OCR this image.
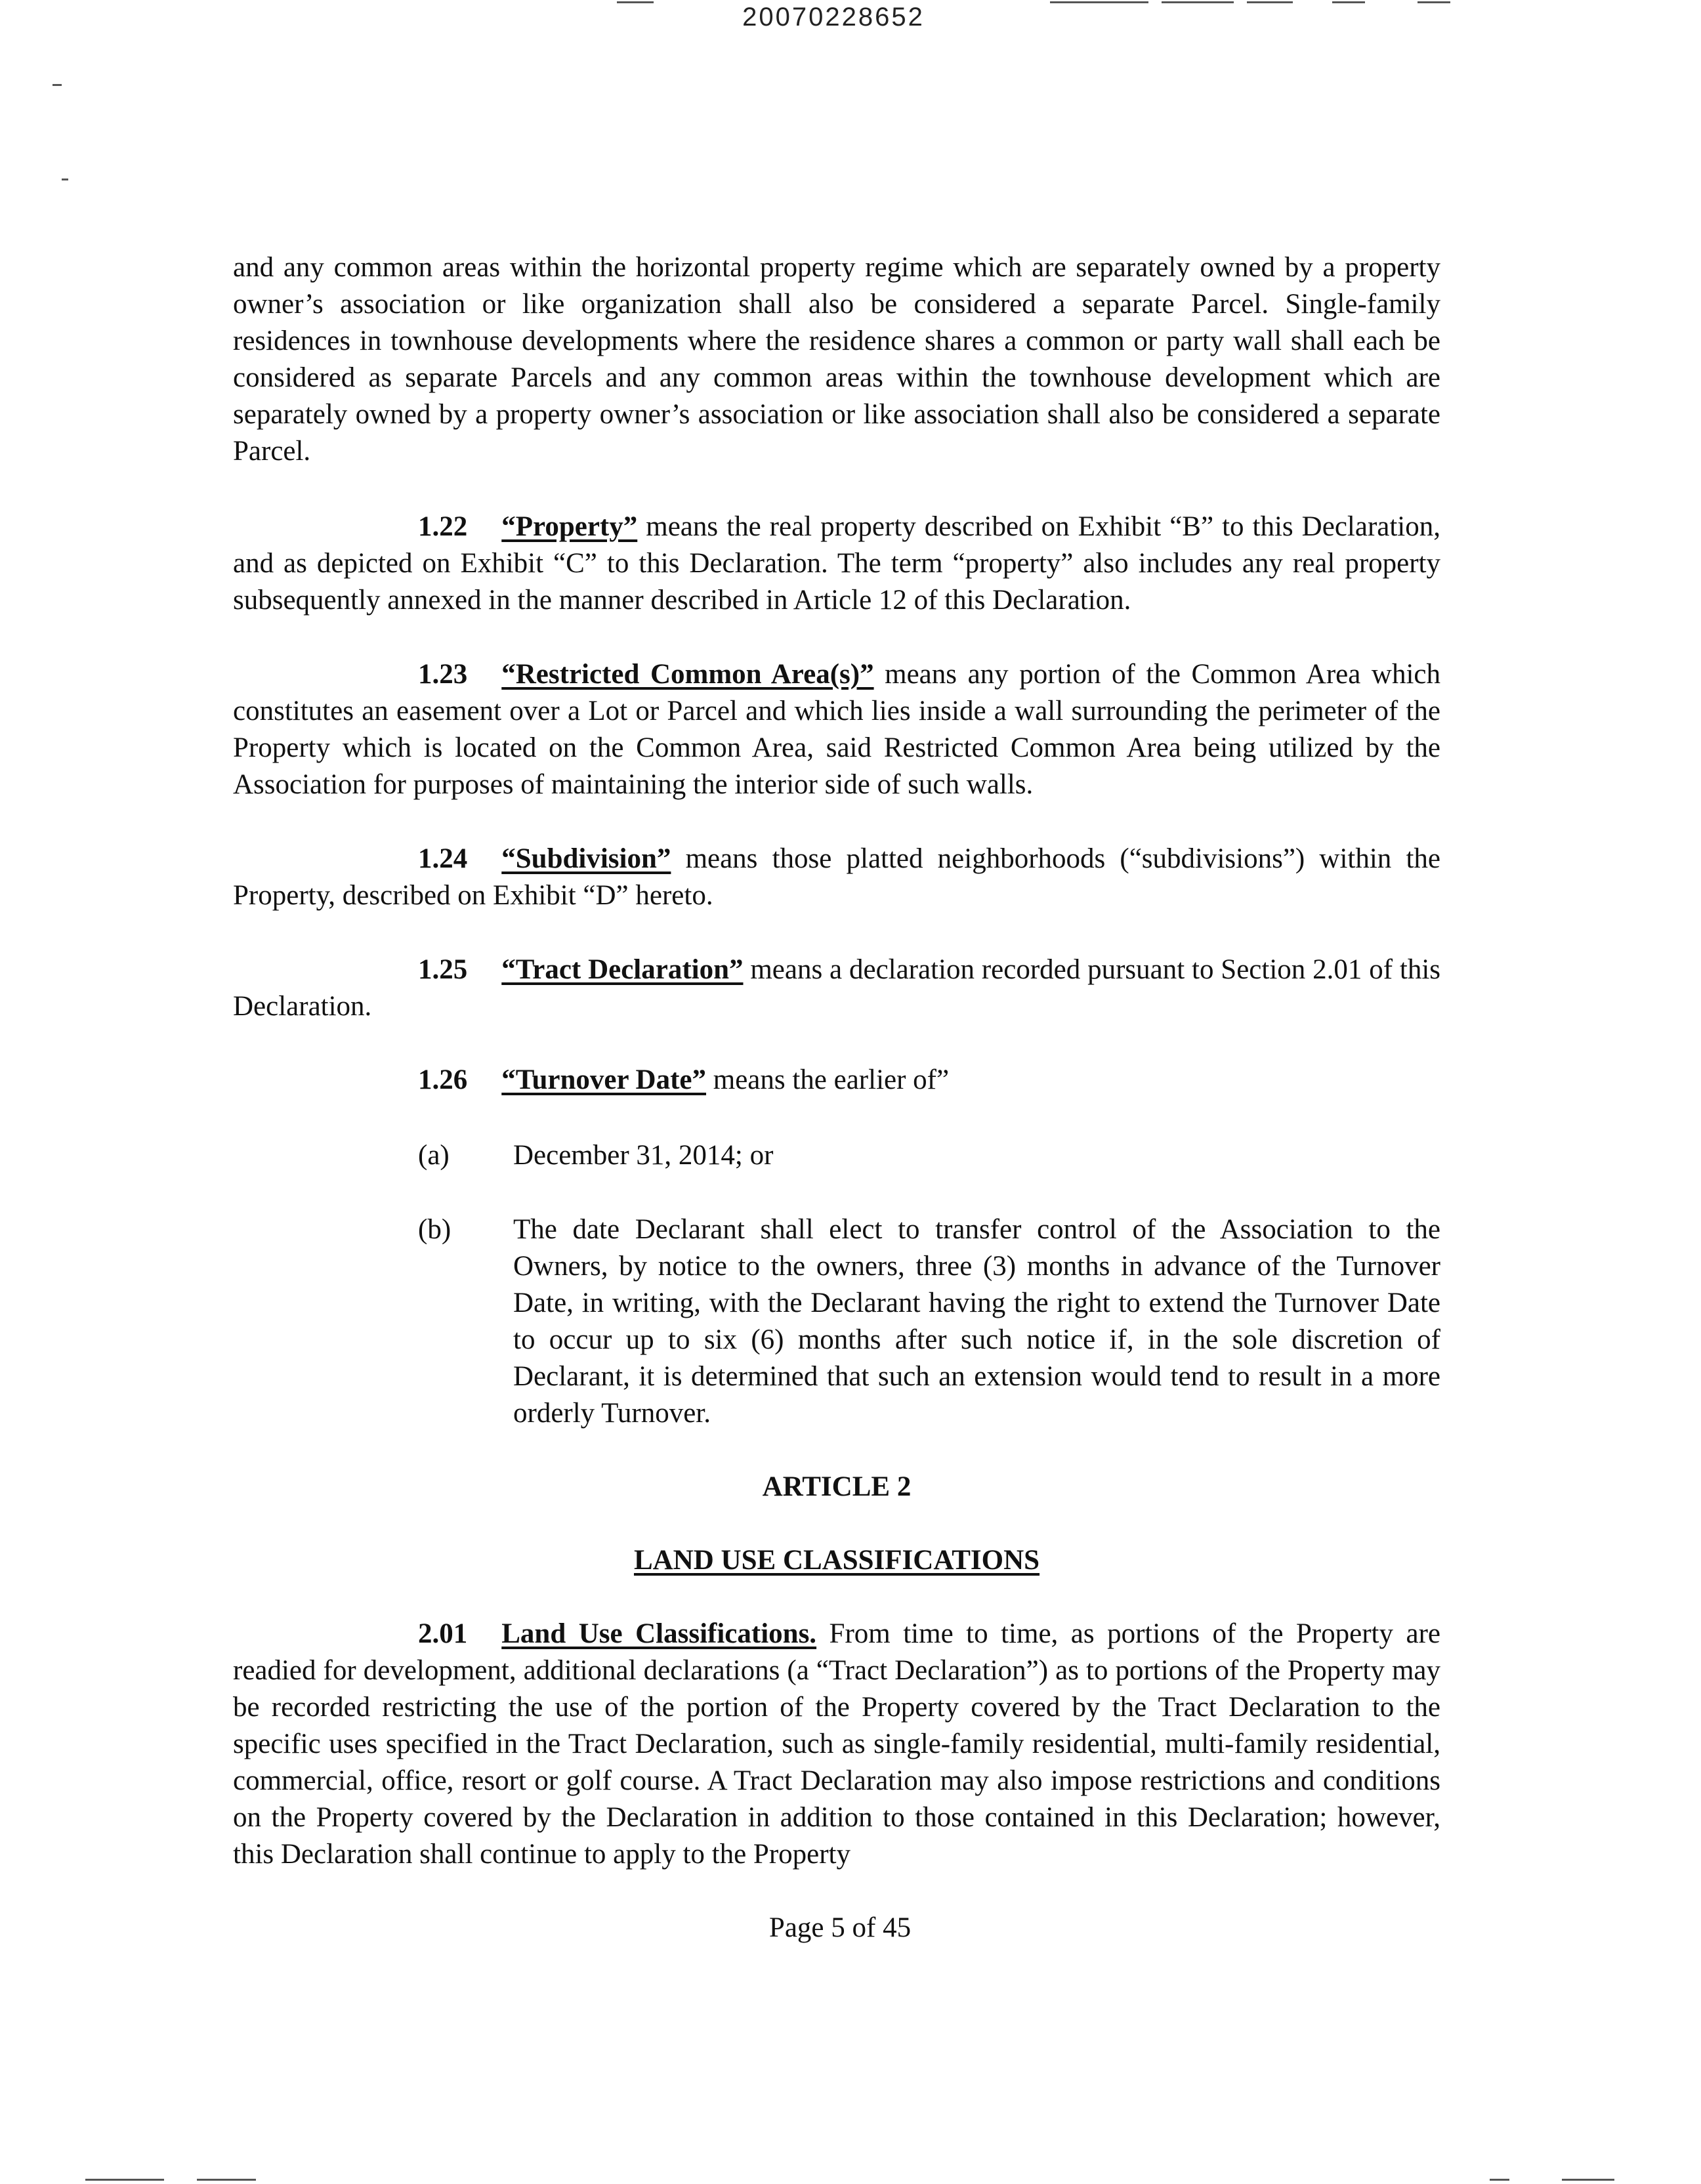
20070228652

and any common areas within the horizontal property regime which are separately owned by a property owner’s association or like organization shall also be considered a separate Parcel. Single-family residences in townhouse developments where the residence shares a common or party wall shall each be considered as separate Parcels and any common areas within the townhouse development which are separately owned by a property owner’s association or like association shall also be considered a separate Parcel.

1.22 “Property” means the real property described on Exhibit “B” to this Declaration, and as depicted on Exhibit “C” to this Declaration. The term “property” also includes any real property subsequently annexed in the manner described in Article 12 of this Declaration.

1.23 “Restricted Common Area(s)” means any portion of the Common Area which constitutes an easement over a Lot or Parcel and which lies inside a wall surrounding the perimeter of the Property which is located on the Common Area, said Restricted Common Area being utilized by the Association for purposes of maintaining the interior side of such walls.

1.24 “Subdivision” means those platted neighborhoods (“subdivisions”) within the Property, described on Exhibit “D” hereto.

1.25 “Tract Declaration” means a declaration recorded pursuant to Section 2.01 of this Declaration.

1.26 “Turnover Date” means the earlier of”

(a) December 31, 2014; or

(b) The date Declarant shall elect to transfer control of the Association to the Owners, by notice to the owners, three (3) months in advance of the Turnover Date, in writing, with the Declarant having the right to extend the Turnover Date to occur up to six (6) months after such notice if, in the sole discretion of Declarant, it is determined that such an extension would tend to result in a more orderly Turnover.

ARTICLE 2

LAND USE CLASSIFICATIONS

2.01 Land Use Classifications. From time to time, as portions of the Property are readied for development, additional declarations (a “Tract Declaration”) as to portions of the Property may be recorded restricting the use of the portion of the Property covered by the Tract Declaration to the specific uses specified in the Tract Declaration, such as single-family residential, multi-family residential, commercial, office, resort or golf course. A Tract Declaration may also impose restrictions and conditions on the Property covered by the Declaration in addition to those contained in this Declaration; however, this Declaration shall continue to apply to the Property

Page 5 of 45
